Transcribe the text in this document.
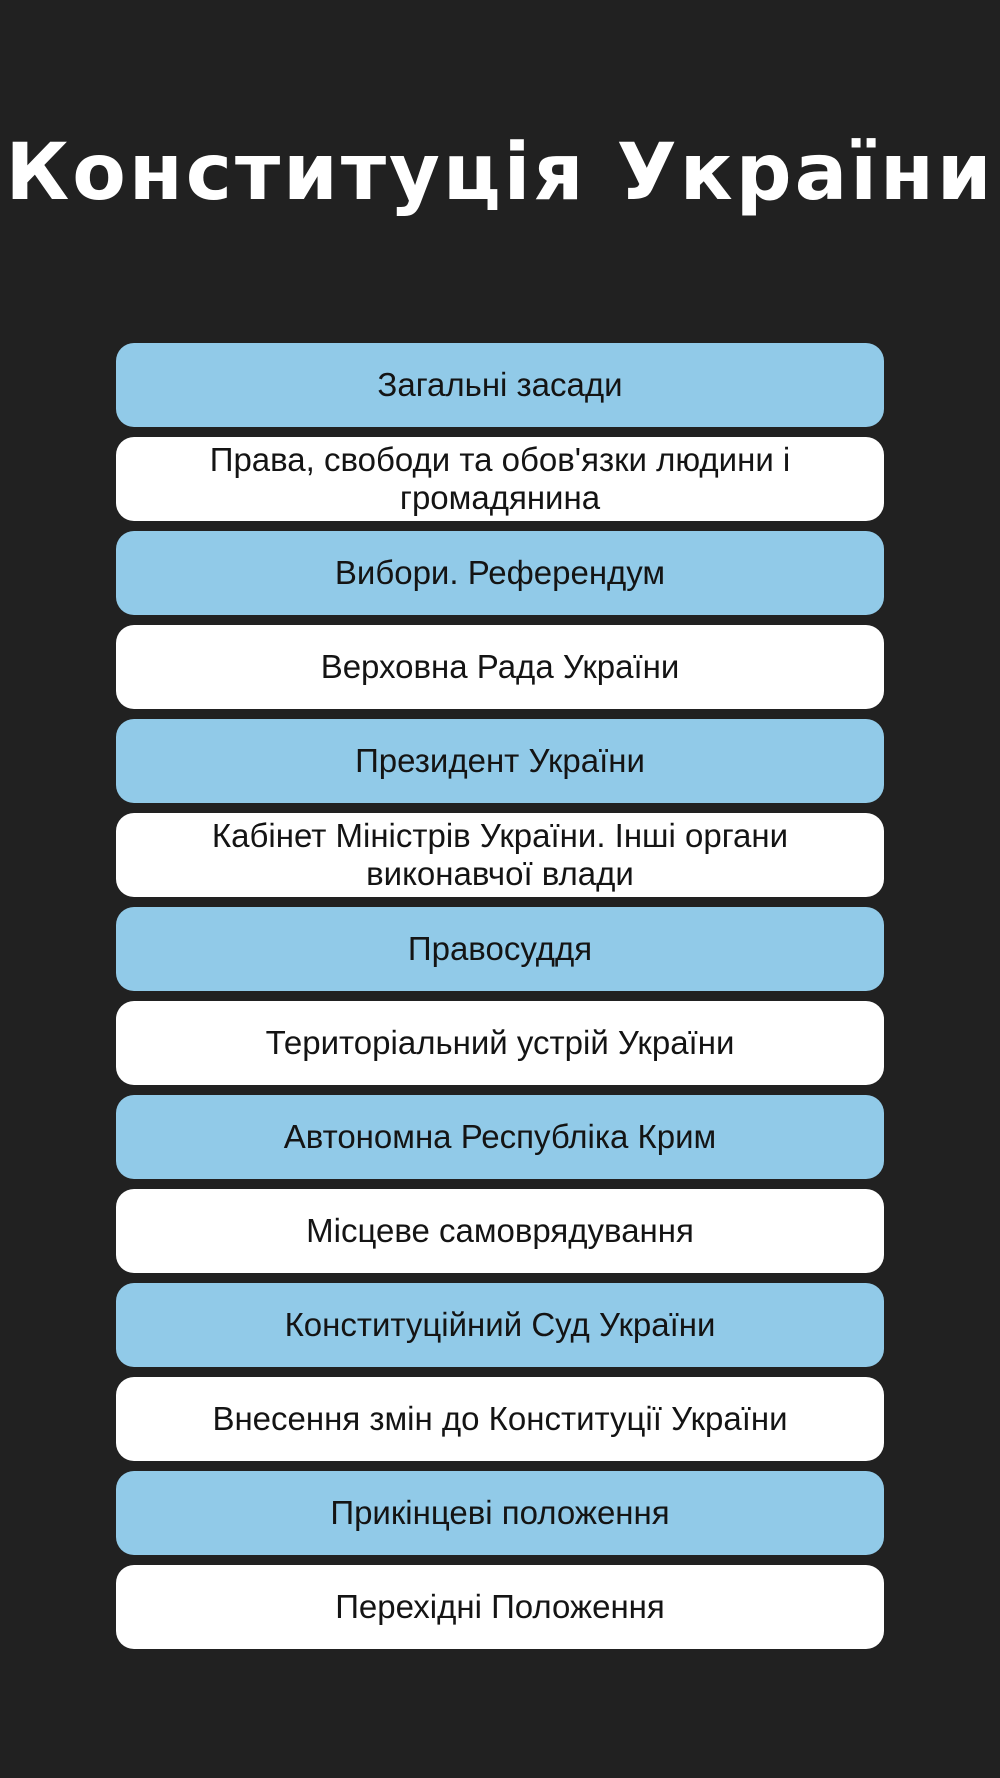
Конституція України
Загальні засади
Права, свободи та обов'язки людини і громадянина
Вибори. Референдум
Верховна Рада України
Президент України
Кабінет Міністрів України. Інші органи виконавчої влади
Правосуддя
Територіальний устрій України
Автономна Республіка Крим
Місцеве самоврядування
Конституційний Суд України
Внесення змін до Конституції України
Прикінцеві положення
Перехідні Положення
